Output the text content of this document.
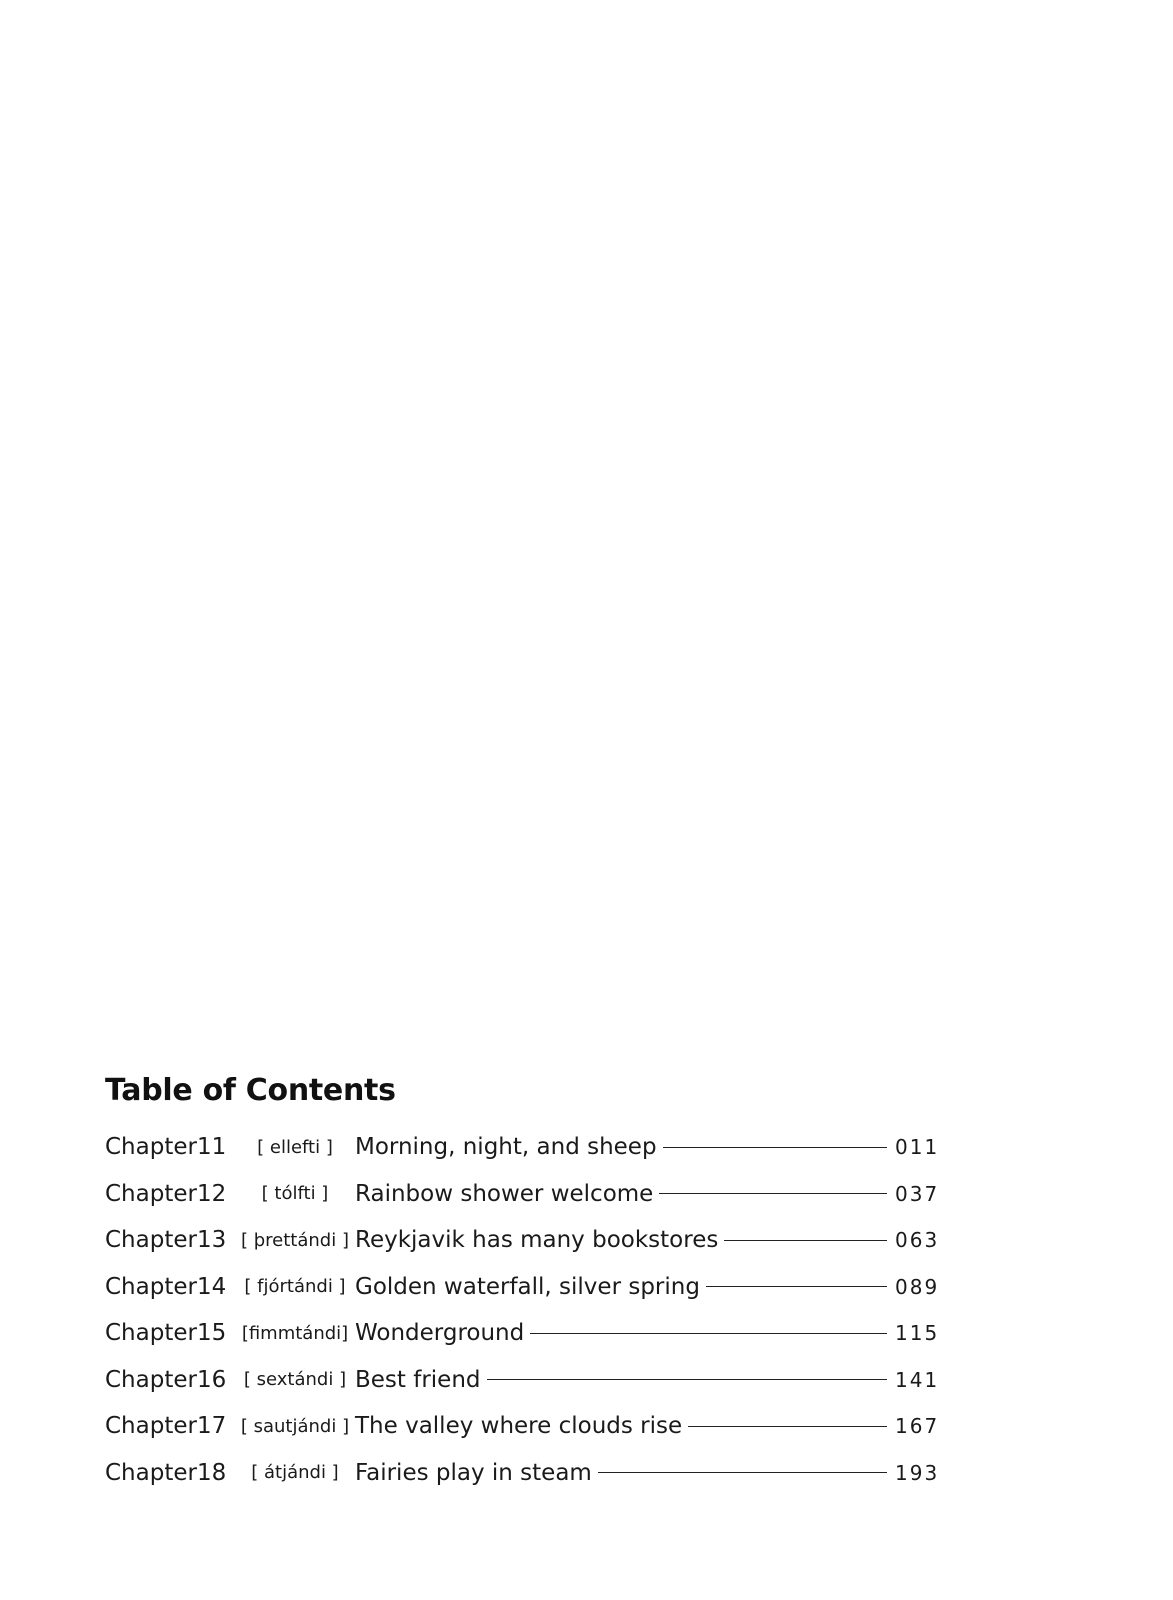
Table of Contents
Chapter 11	[ ellefti ] Morning, night, and sheep	011
Chapter 12	[ tólfti ]	Rainbow shower welcome	037
Chapter 13 [ þrettándi ] Reykjavik has many bookstores	063
Chapter 14	[ fjórtándi ] Golden waterfall, silver spring	089
Chapter 15 [fimmtándi] Wonderground	115
Chapter 16 [ sextándi ] Best friend	141
Chapter 17 [ sautjándi ] The valley where clouds rise	167
Chapter 18	[ átjándi ] Fairies play in steam	193
